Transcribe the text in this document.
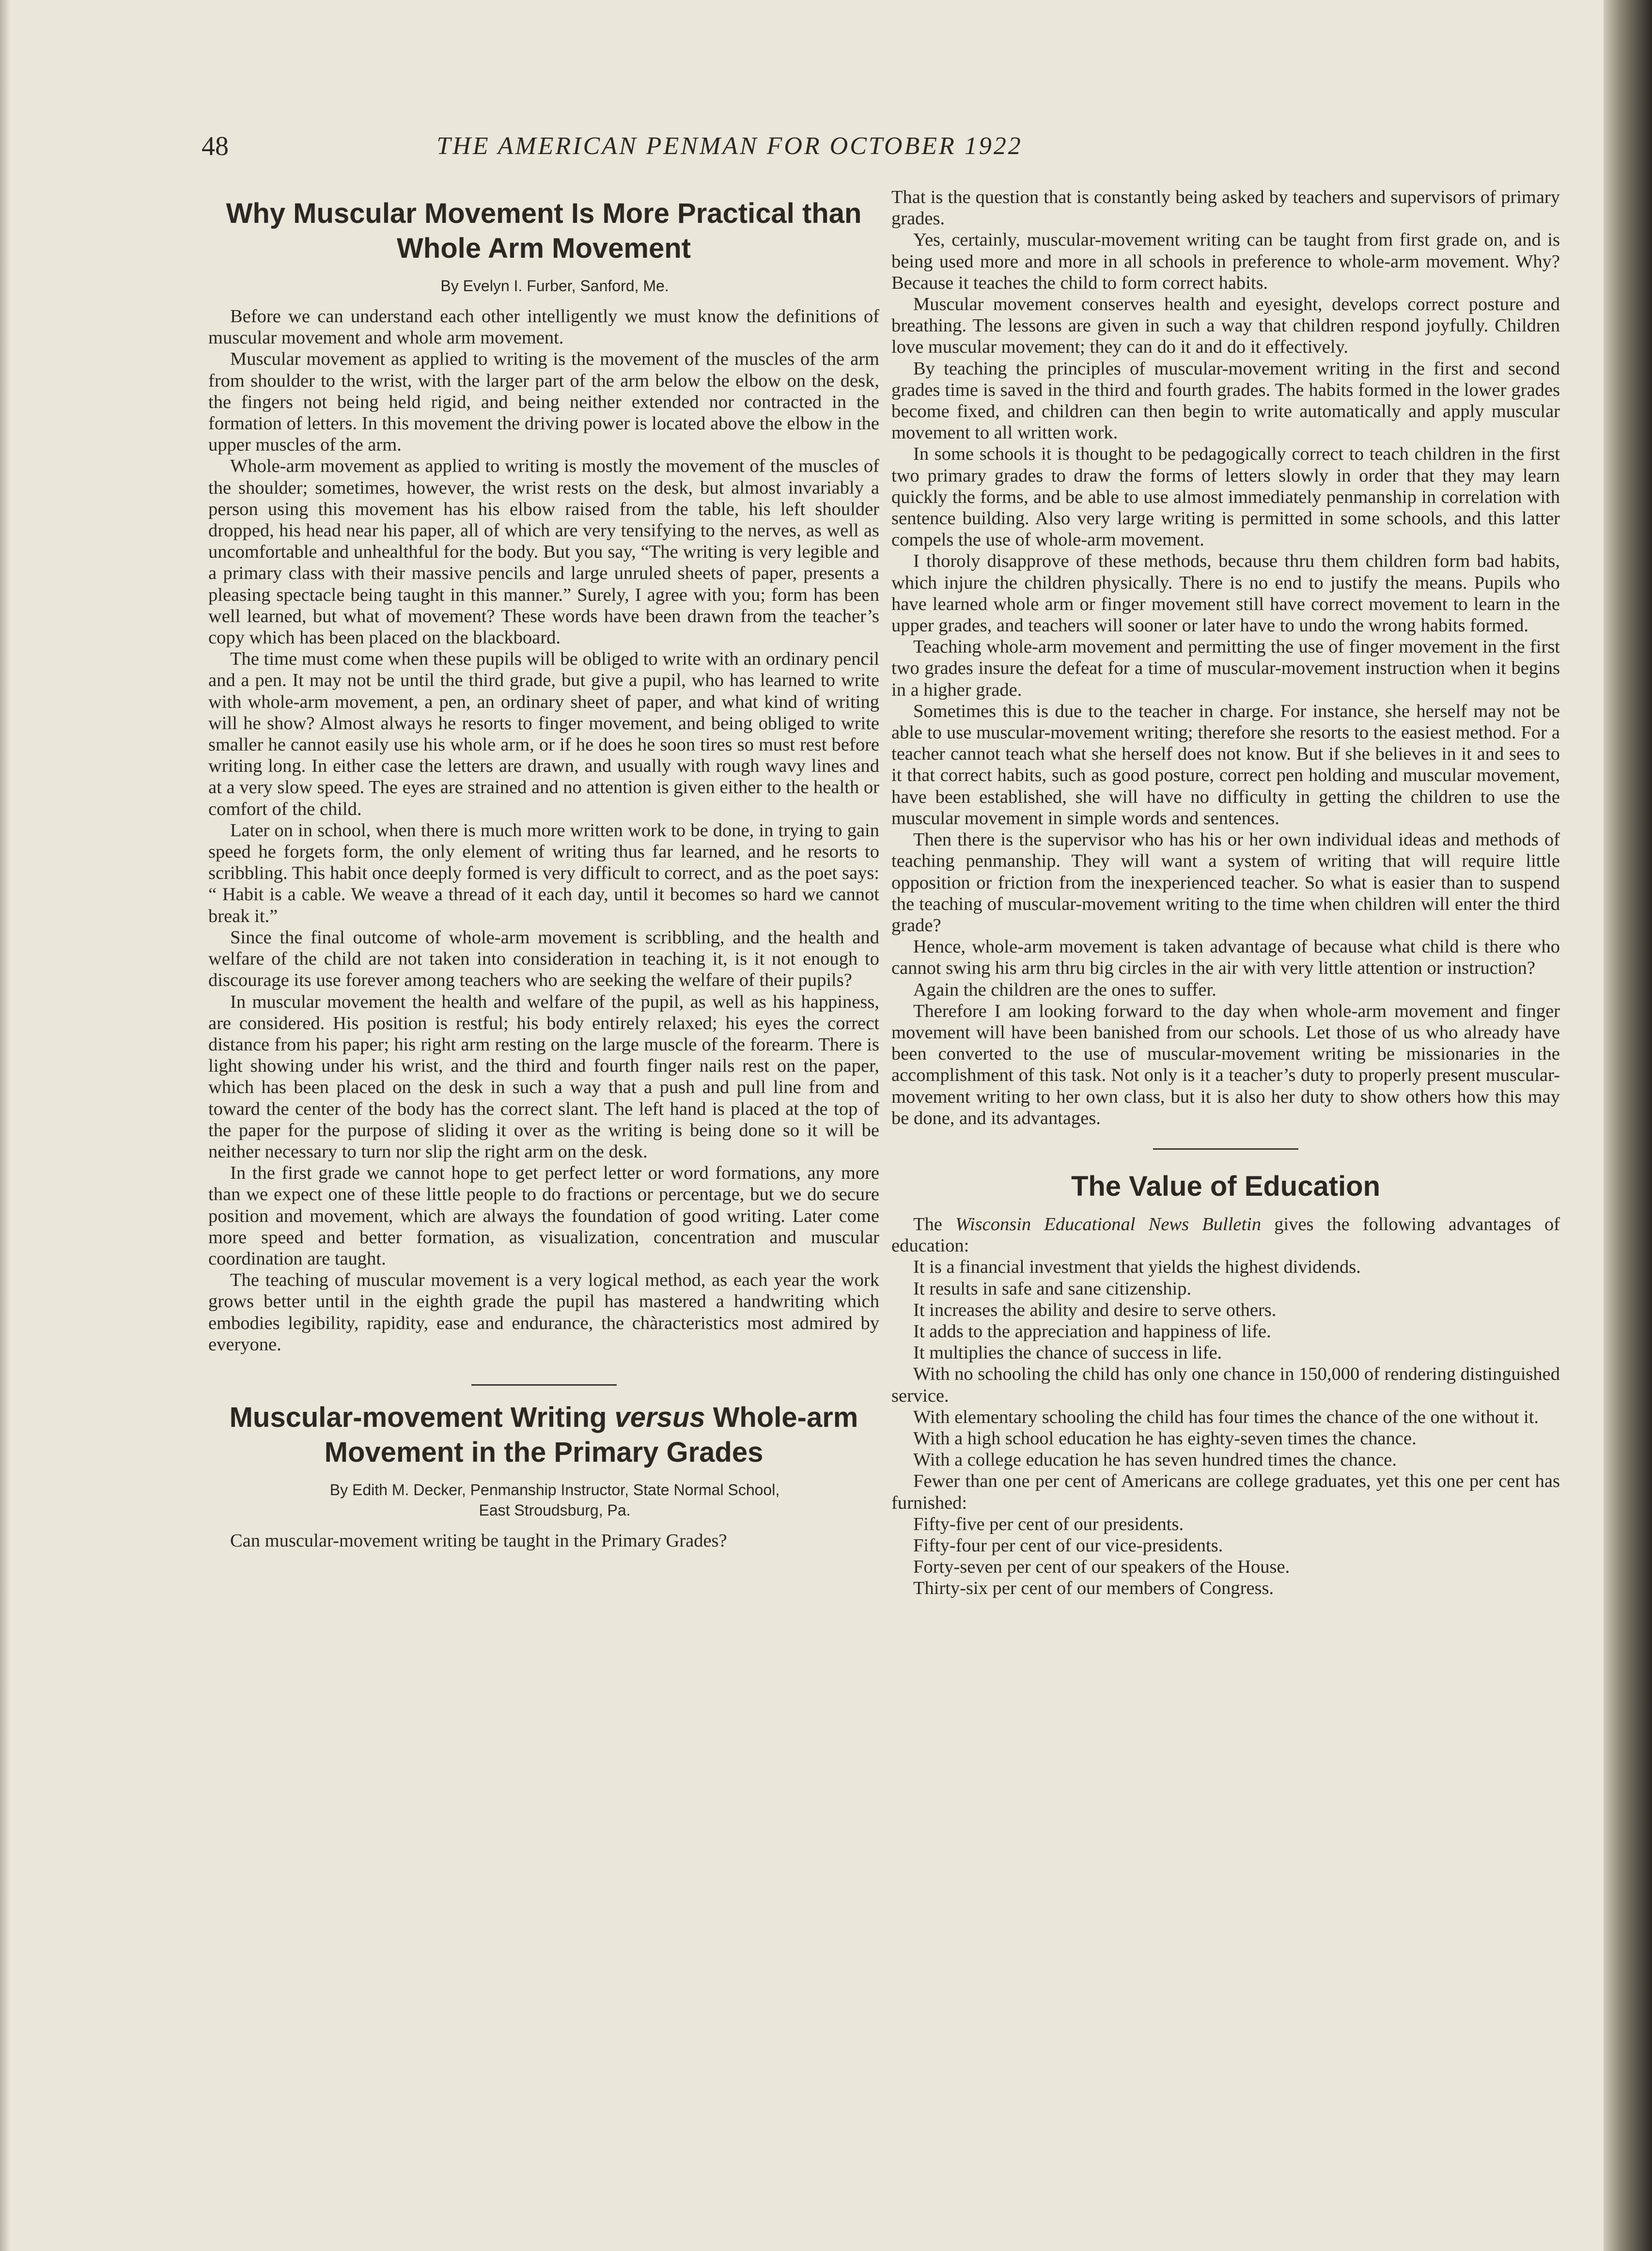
48	THE AMERICAN PENMAN FOR OCTOBER 1922
Why Muscular Movement Is More Practical than Whole Arm Movement

By Evelyn I. Furber, Sanford, Me.

Before we can understand each other intelligently we must know the definitions of muscular movement and whole arm movement.

Muscular movement as applied to writing is the movement of the muscles of the arm from shoulder to the wrist, with the larger part of the arm below the elbow on the desk, the fingers not being held rigid, and being neither extended nor contracted in the formation of letters. In this movement the driving power is located above the elbow in the upper muscles of the arm.

Whole-arm movement as applied to writing is mostly the movement of the muscles of the shoulder; sometimes, however, the wrist rests on the desk, but almost invariably a person using this movement has his elbow raised from the table, his left shoulder dropped, his head near his paper, all of which are very tensifying to the nerves, as well as uncomfortable and unhealthful for the body. But you say, “The writing is very legible and a primary class with their massive pencils and large unruled sheets of paper, presents a pleasing spectacle being taught in this manner.” Surely, I agree with you; form has been well learned, but what of movement? These words have been drawn from the teacher’s copy which has been placed on the blackboard.

The time must come when these pupils will be obliged to write with an ordinary pencil and a pen. It may not be until the third grade, but give a pupil, who has learned to write with whole-arm movement, a pen, an ordinary sheet of paper, and what kind of writing will he show? Almost always he resorts to finger movement, and being obliged to write smaller he cannot easily use his whole arm, or if he does he soon tires so must rest before writing long. In either case the letters are drawn, and usually with rough wavy lines and at a very slow speed. The eyes are strained and no attention is given either to the health or comfort of the child.

Later on in school, when there is much more written work to be done, in trying to gain speed he forgets form, the only element of writing thus far learned, and he resorts to scribbling. This habit once deeply formed is very difficult to correct, and as the poet says: “ Habit is a cable. We weave a thread of it each day, until it becomes so hard we cannot break it.”

Since the final outcome of whole-arm movement is scribbling, and the health and welfare of the child are not taken into consideration in teaching it, is it not enough to discourage its use forever among teachers who are seeking the welfare of their pupils?

In muscular movement the health and welfare of the pupil, as well as his happiness, are considered. His position is restful; his body entirely relaxed; his eyes the correct distance from his paper; his right arm resting on the large muscle of the forearm. There is light showing under his wrist, and the third and fourth finger nails rest on the paper, which has been placed on the desk in such a way that a push and pull line from and toward the center of the body has the correct slant. The left hand is placed at the top of the paper for the purpose of sliding it over as the writing is being done so it will be neither necessary to turn nor slip the right arm on the desk.

In the first grade we cannot hope to get perfect letter or word formations, any more than we expect one of these little people to do fractions or percentage, but we do secure position and movement, which are always the foundation of good writing. Later come more speed and better formation, as visualization, concentration and muscular coordination are taught.

The teaching of muscular movement is a very logical method, as each year the work grows better until in the eighth grade the pupil has mastered a handwriting which embodies legibility, rapidity, ease and endurance, the chàracteristics most admired by everyone.

Muscular-movement Writing versus Whole-arm Movement in the Primary Grades

By Edith M. Decker, Penmanship Instructor, State Normal School,

East Stroudsburg, Pa.

Can muscular-movement writing be taught in the Primary Grades?

That is the question that is constantly being asked by teachers and supervisors of primary grades.

Yes, certainly, muscular-movement writing can be taught from first grade on, and is being used more and more in all schools in preference to whole-arm movement. Why? Because it teaches the child to form correct habits.

Muscular movement conserves health and eyesight, develops correct posture and breathing. The lessons are given in such a way that children respond joyfully. Children love muscular movement; they can do it and do it effectively.

By teaching the principles of muscular-movement writing in the first and second grades time is saved in the third and fourth grades. The habits formed in the lower grades become fixed, and children can then begin to write automatically and apply muscular movement to all written work.

In some schools it is thought to be pedagogically correct to teach children in the first two primary grades to draw the forms of letters slowly in order that they may learn quickly the forms, and be able to use almost immediately penmanship in correlation with sentence building. Also very large writing is permitted in some schools, and this latter compels the use of whole-arm movement.

I thoroly disapprove of these methods, because thru them children form bad habits, which injure the children physically. There is no end to justify the means. Pupils who have learned whole arm or finger movement still have correct movement to learn in the upper grades, and teachers will sooner or later have to undo the wrong habits formed.

Teaching whole-arm movement and permitting the use of finger movement in the first two grades insure the defeat for a time of muscular-movement instruction when it begins in a higher grade.

Sometimes this is due to the teacher in charge. For instance, she herself may not be able to use muscular-movement writing; therefore she resorts to the easiest method. For a teacher cannot teach what she herself does not know. But if she believes in it and sees to it that correct habits, such as good posture, correct pen holding and muscular movement, have been established, she will have no difficulty in getting the children to use the muscular movement in simple words and sentences.

Then there is the supervisor who has his or her own individual ideas and methods of teaching penmanship. They will want a system of writing that will require little opposition or friction from the inexperienced teacher. So what is easier than to suspend the teaching of muscular-movement writing to the time when children will enter the third grade?

Hence, whole-arm movement is taken advantage of because what child is there who cannot swing his arm thru big circles in the air with very little attention or instruction?

Again the children are the ones to suffer.

Therefore I am looking forward to the day when whole-arm movement and finger movement will have been banished from our schools. Let those of us who already have been converted to the use of muscular-movement writing be missionaries in the accomplishment of this task. Not only is it a teacher’s duty to properly present muscular-movement writing to her own class, but it is also her duty to show others how this may be done, and its advantages.

The Value of Education

The Wisconsin Educational News Bulletin gives the following advantages of education:

It is a financial investment that yields the highest dividends.

It results in safe and sane citizenship.

It increases the ability and desire to serve others.

It adds to the appreciation and happiness of life.

It multiplies the chance of success in life.

With no schooling the child has only one chance in 150,000 of rendering distinguished service.

With elementary schooling the child has four times the chance of the one without it.

With a high school education he has eighty-seven times the chance.

With a college education he has seven hundred times the chance.

Fewer than one per cent of Americans are college graduates, yet this one per cent has furnished:

Fifty-five per cent of our presidents.

Fifty-four per cent of our vice-presidents.

Forty-seven per cent of our speakers of the House.

Thirty-six per cent of our members of Congress.
